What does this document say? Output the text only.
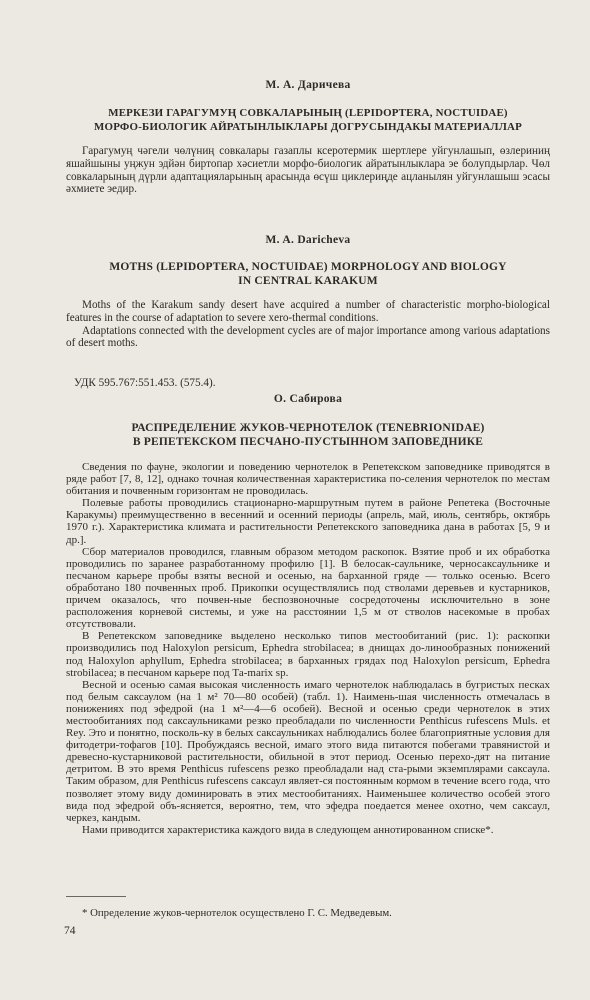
М. А. Даричева
МЕРКЕЗИ ГАРАГУМУҢ СОВКАЛАРЫНЫҢ (LEPIDOPTERA, NOCTUIDAE)
МОРФО-БИОЛОГИК АЙРАТЫНЛЫКЛАРЫ ДОГРУСЫНДАКЫ МАТЕРИАЛЛАР

Гарагумуң чәгели чөлүниң совкалары газаплы ксеротермик шертлере уйгунлашып, өзлериниң яшайшыны уңжун эдйән биртопар хәсиетли морфо-биологик айратынлыклара эе болупдырлар. Чөл совкаларының дүрли адаптацияларының арасында өсүш циклериңде ацланылян уйгунлашыш эсасы әхмиете эедир.

M. A. Daricheva
MOTHS (LEPIDOPTERA, NOCTUIDAE) MORPHOLOGY AND BIOLOGY
IN CENTRAL KARAKUM

Moths of the Karakum sandy desert have acquired a number of characteristic morpho-biological features in the course of adaptation to severe xero-thermal conditions.

Adaptations connected with the development cycles are of major importance among various adaptations of desert moths.

УДК 595.767:551.453. (575.4).
О. Сабирова
РАСПРЕДЕЛЕНИЕ ЖУКОВ-ЧЕРНОТЕЛОК (TENEBRIONIDAE)
В РЕПЕТЕКСКОМ ПЕСЧАНО-ПУСТЫННОМ ЗАПОВЕДНИКЕ

Сведения по фауне, экологии и поведению чернотелок в Репетекском заповеднике приводятся в ряде работ [7, 8, 12], однако точная количественная характеристика по-селения чернотелок по местам обитания и почвенным горизонтам не проводилась.

Полевые работы проводились стационарно-маршрутным путем в районе Репетека (Восточные Каракумы) преимущественно в весенний и осенний периоды (апрель, май, июль, сентябрь, октябрь 1970 г.). Характеристика климата и растительности Репетекского заповедника дана в работах [5, 9 и др.].

Сбор материалов проводился, главным образом методом раскопок. Взятие проб и их обработка проводились по заранее разработанному профилю [1]. В белосак-саульнике, черносаксаульнике и песчаном карьере пробы взяты весной и осенью, на барханной гряде — только осенью. Всего обработано 180 почвенных проб. Прикопки осуществлялись под стволами деревьев и кустарников, причем оказалось, что почвен-ные беспозвоночные сосредоточены исключительно в зоне расположения корневой системы, и уже на расстоянии 1,5 м от стволов насекомые в пробах отсутствовали.

В Репетекском заповеднике выделено несколько типов местообитаний (рис. 1): раскопки производились под Haloxylon persicum, Ephedra strobilacea; в днищах до-линообразных понижений под Haloxylon aphyllum, Ephedra strobilacea; в барханных грядах под Haloxylon persicum, Ephedra strobilacea; в песчаном карьере под Та-marix sp.

Весной и осенью самая высокая численность имаго чернотелок наблюдалась в бугристых песках под белым саксаулом (на 1 м² 70—80 особей) (табл. 1). Наимень-шая численность отмечалась в понижениях под эфедрой (на 1 м²—4—6 особей). Весной и осенью среди чернотелок в этих местообитаниях под саксаульниками резко преобладали по численности Penthicus rufescens Muls. et Rey. Это и понятно, посколь-ку в белых саксаульниках наблюдались более благоприятные условия для фитодетри-тофагов [10]. Пробуждаясь весной, имаго этого вида питаются побегами травянистой и древесно-кустарниковой растительности, обильной в этот период. Осенью перехо-дят на питание детритом. В это время Penthicus rufescens резко преобладали над ста-рыми экземплярами саксаула. Таким образом, для Penthicus rufescens саксаул являет-ся постоянным кормом в течение всего года, что позволяет этому виду доминировать в этих местообитаниях. Наименьшее количество особей этого вида под эфедрой объ-ясняется, вероятно, тем, что эфедра поедается менее охотно, чем саксаул, черкез, кандым.

Нами приводится характеристика каждого вида в следующем аннотированном списке*.

* Определение жуков-чернотелок осуществлено Г. С. Медведевым.
74
